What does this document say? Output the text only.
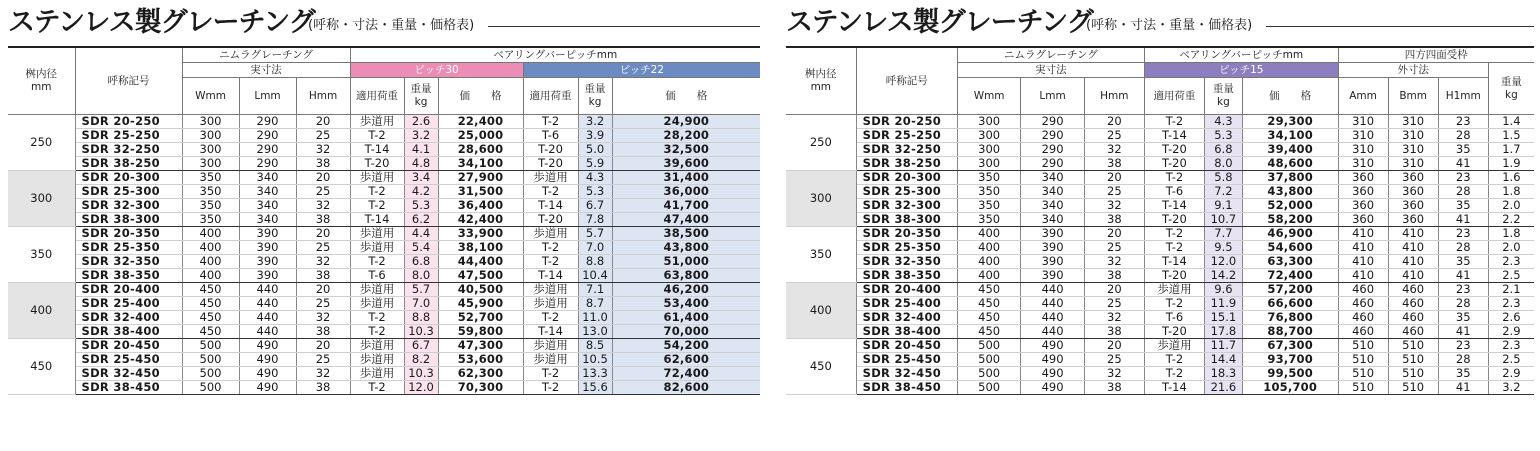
ステンレス製グレーチング
(呼称・寸法・重量・価格表)
桝内径
mm	呼称記号	ニムラグレーチング			ベアリングバーピッチmm					
		実寸法			ピッチ30			ピッチ22		
		Wmm	Lmm	Hmm	適用荷重	重量
kg	価　　格	適用荷重	重量
kg	価　　格
250	SDR 20-250	300	290	20	歩道用	2.6	22,400	T-2	3.2	24,900
	SDR 25-250	300	290	25	T-2	3.2	25,000	T-6	3.9	28,200
	SDR 32-250	300	290	32	T-14	4.1	28,600	T-20	5.0	32,500
	SDR 38-250	300	290	38	T-20	4.8	34,100	T-20	5.9	39,600
300	SDR 20-300	350	340	20	歩道用	3.4	27,900	歩道用	4.3	31,400
	SDR 25-300	350	340	25	T-2	4.2	31,500	T-2	5.3	36,000
	SDR 32-300	350	340	32	T-2	5.3	36,400	T-14	6.7	41,700
	SDR 38-300	350	340	38	T-14	6.2	42,400	T-20	7.8	47,400
350	SDR 20-350	400	390	20	歩道用	4.4	33,900	歩道用	5.7	38,500
	SDR 25-350	400	390	25	歩道用	5.4	38,100	T-2	7.0	43,800
	SDR 32-350	400	390	32	T-2	6.8	44,400	T-2	8.8	51,000
	SDR 38-350	400	390	38	T-6	8.0	47,500	T-14	10.4	63,800
400	SDR 20-400	450	440	20	歩道用	5.7	40,500	歩道用	7.1	46,200
	SDR 25-400	450	440	25	歩道用	7.0	45,900	歩道用	8.7	53,400
	SDR 32-400	450	440	32	T-2	8.8	52,700	T-2	11.0	61,400
	SDR 38-400	450	440	38	T-2	10.3	59,800	T-14	13.0	70,000
450	SDR 20-450	500	490	20	歩道用	6.7	47,300	歩道用	8.5	54,200
	SDR 25-450	500	490	25	歩道用	8.2	53,600	歩道用	10.5	62,600
	SDR 32-450	500	490	32	歩道用	10.3	62,300	T-2	13.3	72,400
	SDR 38-450	500	490	38	T-2	12.0	70,300	T-2	15.6	82,600
ステンレス製グレーチング
(呼称・寸法・重量・価格表)
桝内径
mm	呼称記号	ニムラグレーチング			ベアリングバーピッチmm			四方四面受枠			
		実寸法			ピッチ15			外寸法			重量
kg
		Wmm	Lmm	Hmm	適用荷重	重量
kg	価　　格	Amm	Bmm	H1mm	
250	SDR 20-250	300	290	20	T-2	4.3	29,300	310	310	23	1.4
	SDR 25-250	300	290	25	T-14	5.3	34,100	310	310	28	1.5
	SDR 32-250	300	290	32	T-20	6.8	39,400	310	310	35	1.7
	SDR 38-250	300	290	38	T-20	8.0	48,600	310	310	41	1.9
300	SDR 20-300	350	340	20	T-2	5.8	37,800	360	360	23	1.6
	SDR 25-300	350	340	25	T-6	7.2	43,800	360	360	28	1.8
	SDR 32-300	350	340	32	T-14	9.1	52,000	360	360	35	2.0
	SDR 38-300	350	340	38	T-20	10.7	58,200	360	360	41	2.2
350	SDR 20-350	400	390	20	T-2	7.7	46,900	410	410	23	1.8
	SDR 25-350	400	390	25	T-2	9.5	54,600	410	410	28	2.0
	SDR 32-350	400	390	32	T-14	12.0	63,300	410	410	35	2.3
	SDR 38-350	400	390	38	T-20	14.2	72,400	410	410	41	2.5
400	SDR 20-400	450	440	20	歩道用	9.6	57,200	460	460	23	2.1
	SDR 25-400	450	440	25	T-2	11.9	66,600	460	460	28	2.3
	SDR 32-400	450	440	32	T-6	15.1	76,800	460	460	35	2.6
	SDR 38-400	450	440	38	T-20	17.8	88,700	460	460	41	2.9
450	SDR 20-450	500	490	20	歩道用	11.7	67,300	510	510	23	2.3
	SDR 25-450	500	490	25	T-2	14.4	93,700	510	510	28	2.5
	SDR 32-450	500	490	32	T-2	18.3	99,500	510	510	35	2.9
	SDR 38-450	500	490	38	T-14	21.6	105,700	510	510	41	3.2
